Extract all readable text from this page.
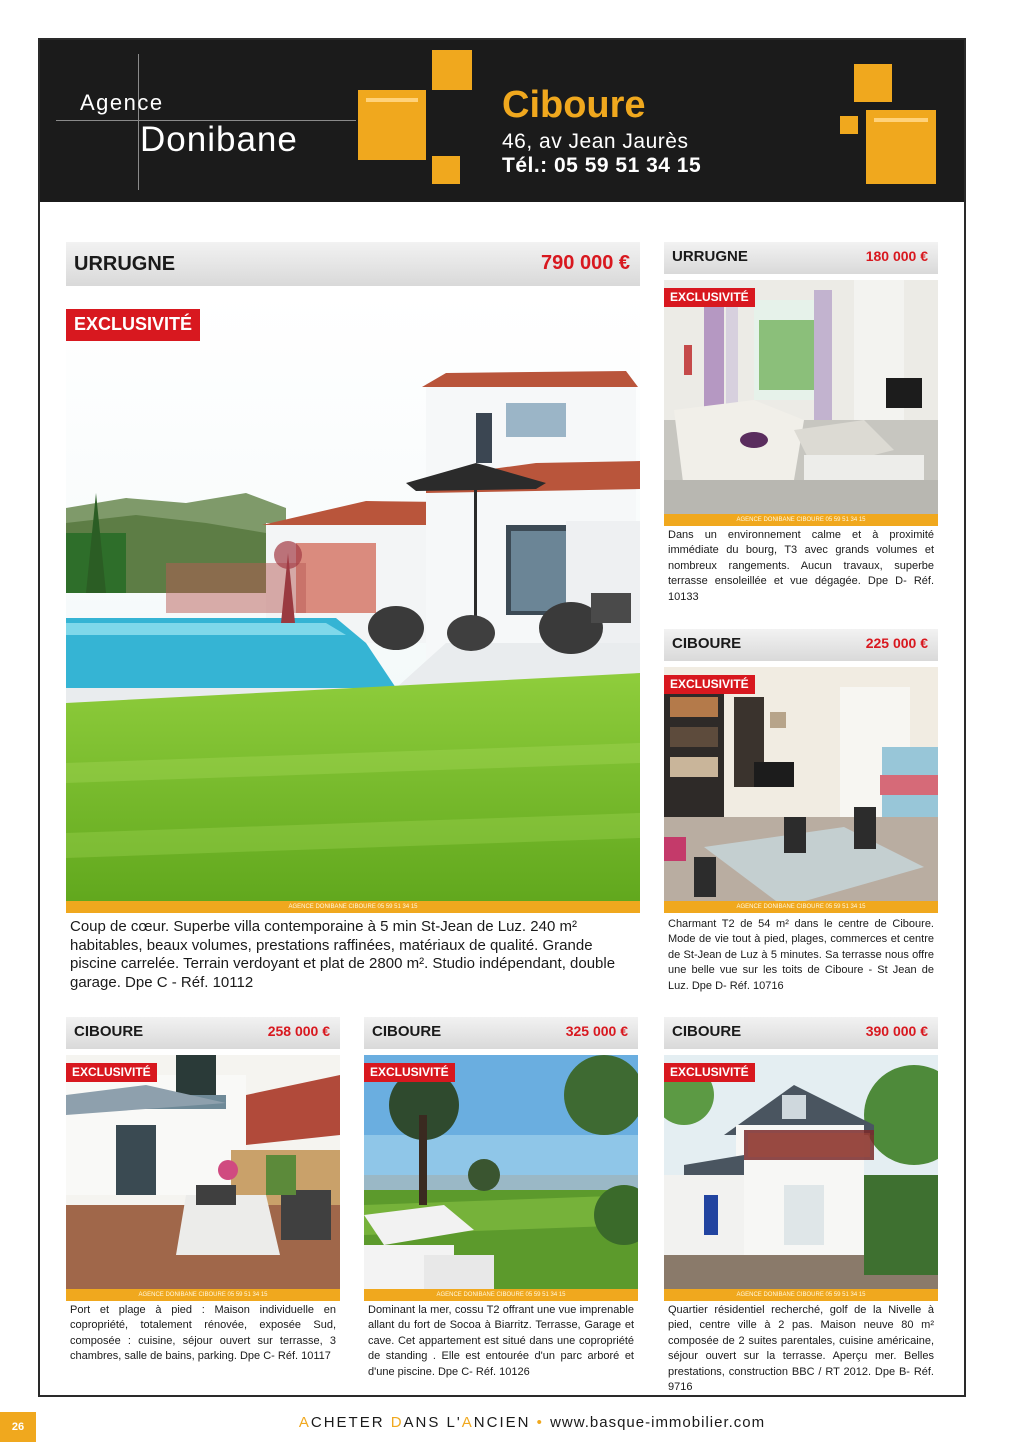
Agence
Donibane
Ciboure
46, av Jean Jaurès
Tél.: 05 59 51 34 15
URRUGNE	790 000 €
EXCLUSIVITÉ
AGENCE DONIBANE CIBOURE 05 59 51 34 15
Coup de cœur. Superbe villa contemporaine à 5 min St-Jean de Luz. 240 m² habitables, beaux volumes, prestations raffinées, matériaux de qualité. Grande piscine carrelée. Terrain verdoyant et plat de 2800 m². Studio indépendant, double garage. Dpe C - Réf. 10112
URRUGNE	180 000 €
EXCLUSIVITÉ
AGENCE DONIBANE CIBOURE 05 59 51 34 15
Dans un environnement calme et à proximité immédiate du bourg, T3 avec grands volumes et nombreux rangements. Aucun travaux, superbe terrasse ensoleillée et vue dégagée. Dpe D- Réf. 10133
CIBOURE	225 000 €
EXCLUSIVITÉ
AGENCE DONIBANE CIBOURE 05 59 51 34 15
Charmant T2 de 54 m² dans le centre de Ciboure. Mode de vie tout à pied, plages, commerces et centre de St-Jean de Luz à 5 minutes. Sa terrasse nous offre une belle vue sur les toits de Ciboure - St Jean de Luz. Dpe D- Réf. 10716
CIBOURE	258 000 €
EXCLUSIVITÉ
AGENCE DONIBANE CIBOURE 05 59 51 34 15
Port et plage à pied : Maison individuelle en copropriété, totalement rénovée, exposée Sud, composée : cuisine, séjour ouvert sur terrasse, 3 chambres, salle de bains, parking. Dpe C- Réf. 10117
CIBOURE	325 000 €
EXCLUSIVITÉ
AGENCE DONIBANE CIBOURE 05 59 51 34 15
Dominant la mer, cossu T2 offrant une vue imprenable allant du fort de Socoa à Biarritz. Terrasse, Garage et cave. Cet appartement est situé dans une copropriété de standing . Elle est entourée d'un parc arboré et d'une piscine. Dpe C- Réf. 10126
CIBOURE	390 000 €
EXCLUSIVITÉ
AGENCE DONIBANE CIBOURE 05 59 51 34 15
Quartier résidentiel recherché, golf de la Nivelle à pied, centre ville à 2 pas. Maison neuve 80 m² composée de 2 suites parentales, cuisine américaine, séjour ouvert sur la terrasse. Aperçu mer. Belles prestations, construction BBC / RT 2012. Dpe B- Réf. 9716
26	ACHETER DANS L'ANCIEN • www.basque-immobilier.com
